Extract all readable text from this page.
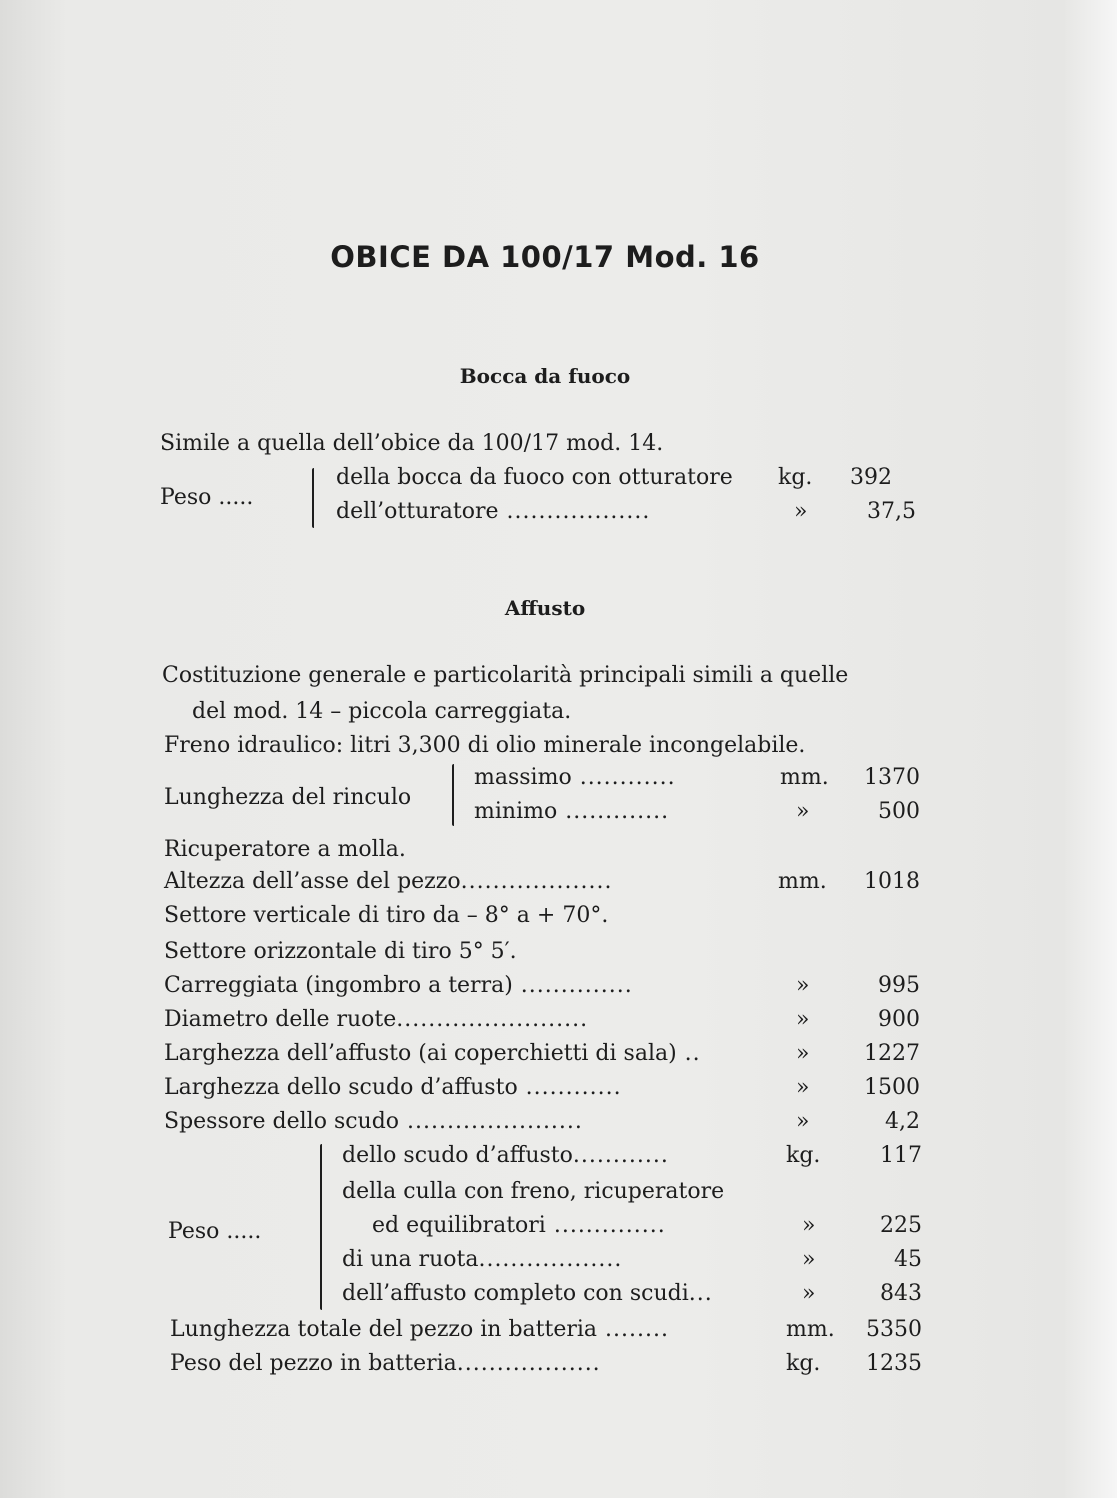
OBICE DA 100/17 Mod. 16
Bocca da fuoco
Simile a quella dell’obice da 100/17 mod. 14.
Peso .....
della bocca da fuoco con otturatore kg. 392
dell’otturatore ..................	»	37,5
Affusto
Costituzione generale e particolarità principali simili a quelle
del mod. 14 – piccola carreggiata.
Freno idraulico: litri 3,300 di olio minerale incongelabile.
Lunghezza del rinculo
massimo ............	mm. 1370
minimo .............	»	500
Ricuperatore a molla.
Altezza dell’asse del pezzo...................	mm. 1018
Settore verticale di tiro da – 8° a + 70°.
Settore orizzontale di tiro 5° 5′.
Carreggiata (ingombro a terra) ..............	»	995
Diametro delle ruote........................	»	900
Larghezza dell’affusto (ai coperchietti di sala) ..	» 1227
Larghezza dello scudo d’affusto ............	» 1500
Spessore dello scudo ......................	»	4,2
Peso .....
dello scudo d’affusto............	kg.	117
della culla con freno, ricuperatore
ed equilibratori ..............	»	225
di una ruota..................	»	45
dell’affusto completo con scudi...	»	843
Lunghezza totale del pezzo in batteria ........	mm. 5350
Peso del pezzo in batteria..................	kg. 1235
